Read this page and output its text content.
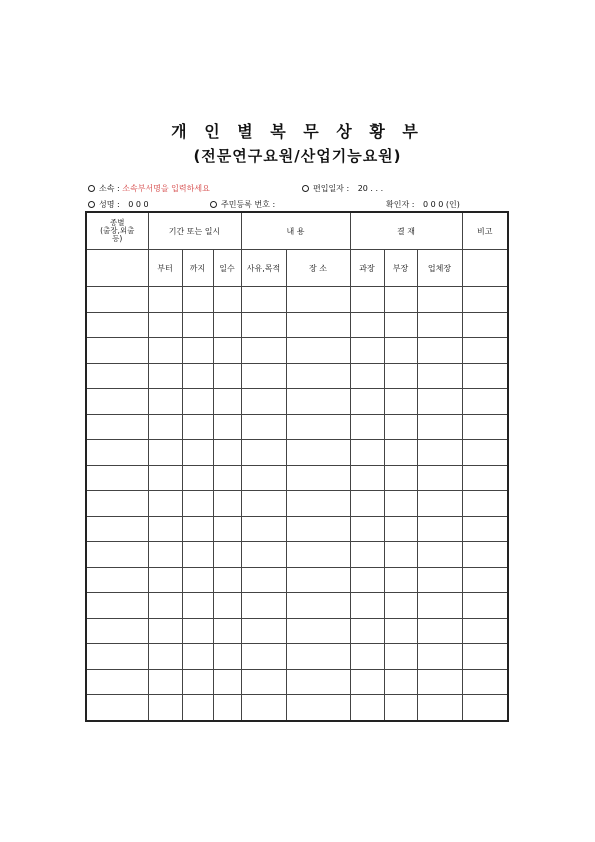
개 인 별 복 무 상 황 부
(전문연구요원/산업기능요원)
소속 : 소속부서명을 입력하세요	편입일자 : 20 . . .
성명 : 0 0 0	주민등록 번호 :	확인자 : 0 0 0 (인)
종별
(출장,외출
등)	기간 또는 일시			내 용		결 재			비고
	부터	까지	일수	사유,목적	장 소	과장	부장	업체장	
